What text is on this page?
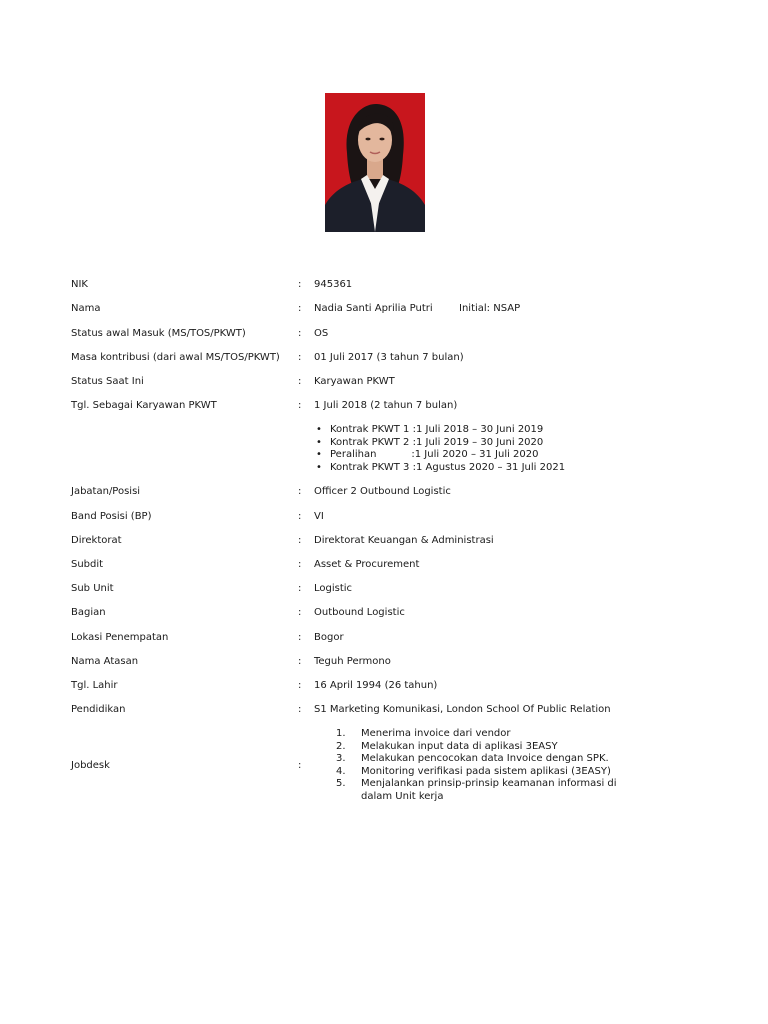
NIK	: 945361
Nama	: Nadia Santi Aprilia Putri	Initial: NSAP
Status awal Masuk (MS/TOS/PKWT)	: OS
Masa kontribusi (dari awal MS/TOS/PKWT) : 01 Juli 2017 (3 tahun 7 bulan)
Status Saat Ini	: Karyawan PKWT
Tgl. Sebagai Karyawan PKWT	: 1 Juli 2018 (2 tahun 7 bulan)
• Kontrak PKWT 1 :1 Juli 2018 – 30 Juni 2019
• Kontrak PKWT 2 :1 Juli 2019 – 30 Juni 2020
• Peralihan           :1 Juli 2020 – 31 Juli 2020
• Kontrak PKWT 3 :1 Agustus 2020 – 31 Juli 2021
Jabatan/Posisi	: Officer 2 Outbound Logistic
Band Posisi (BP)	: VI
Direktorat	: Direktorat Keuangan & Administrasi
Subdit	: Asset & Procurement
Sub Unit	: Logistic
Bagian	: Outbound Logistic
Lokasi Penempatan	: Bogor
Nama Atasan	: Teguh Permono
Tgl. Lahir	: 16 April 1994 (26 tahun)
Pendidikan	: S1 Marketing Komunikasi, London School Of Public Relation
Jobdesk	:
1. Menerima invoice dari vendor
2. Melakukan input data di aplikasi 3EASY
3. Melakukan pencocokan data Invoice dengan SPK.
4. Monitoring verifikasi pada sistem aplikasi (3EASY)
5. Menjalankan prinsip-prinsip keamanan informasi di dalam Unit kerja
